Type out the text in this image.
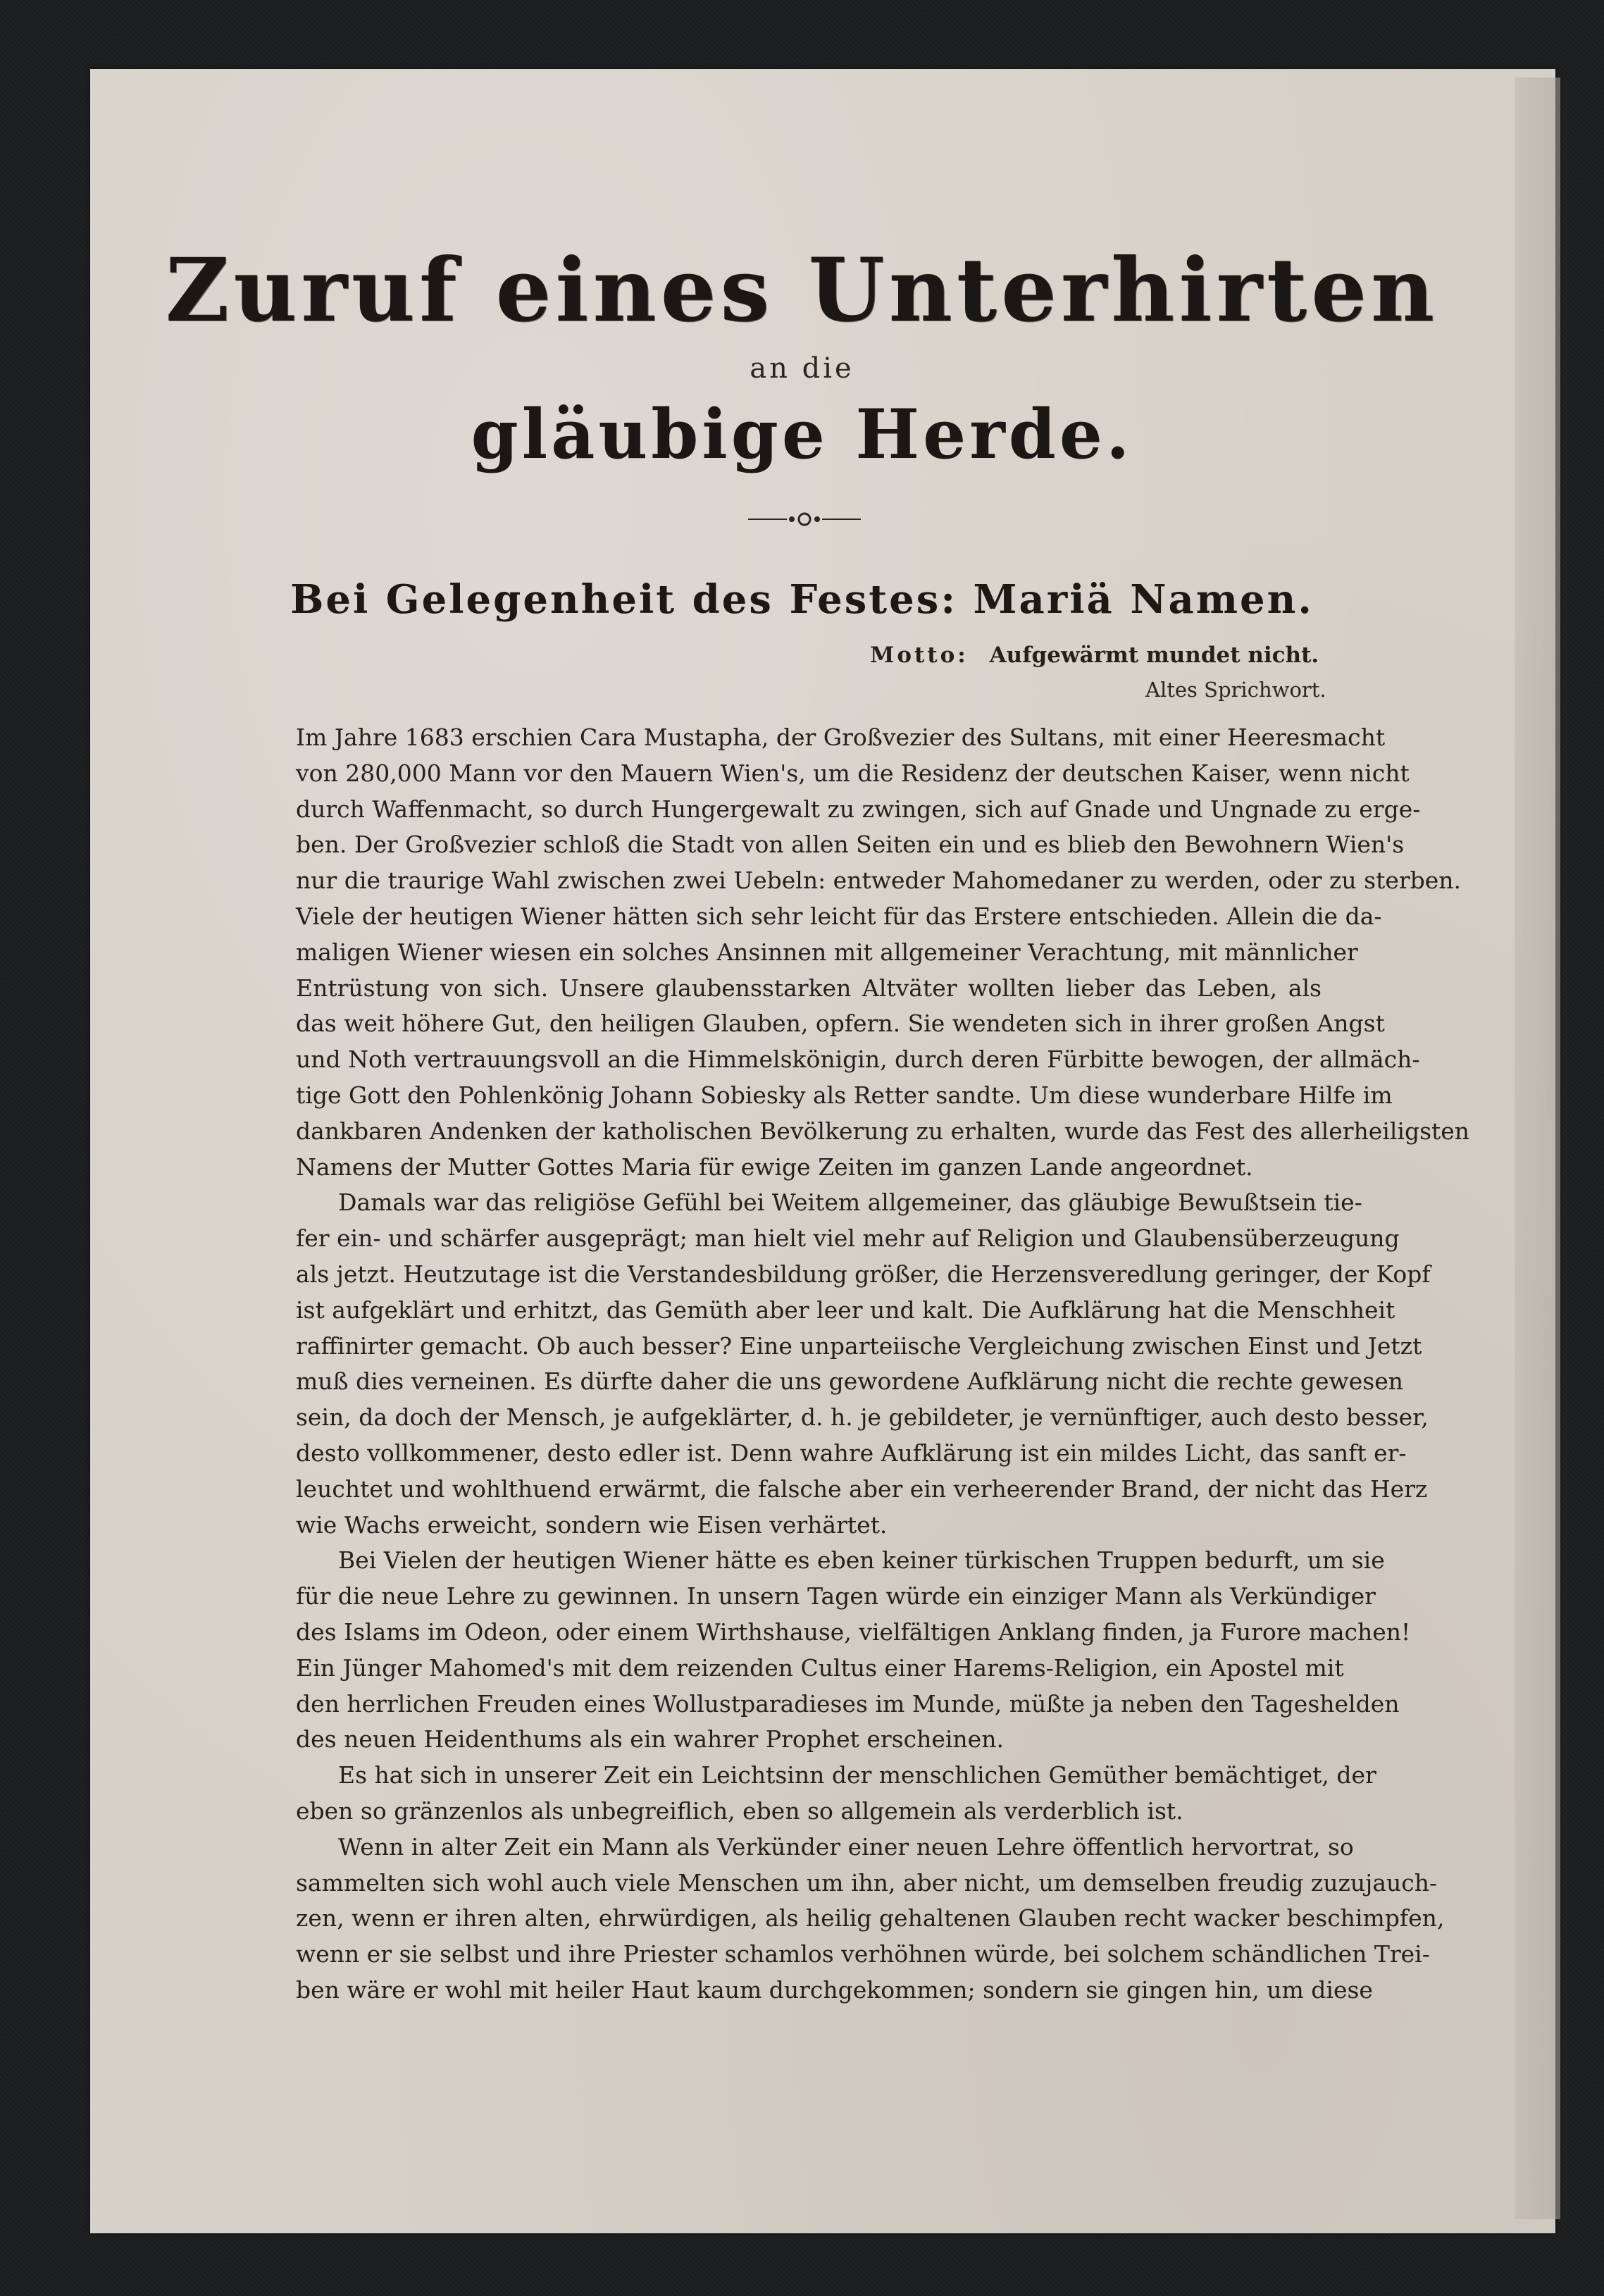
Zuruf eines Unterhirten
an die
gläubige Herde.
Bei Gelegenheit des Festes: Mariä Namen.
Motto: Aufgewärmt mundet nicht.
Altes Sprichwort.
Im Jahre 1683 erschien Cara Mustapha, der Großvezier des Sultans, mit einer Heeresmacht
von 280,000 Mann vor den Mauern Wien's, um die Residenz der deutschen Kaiser, wenn nicht
durch Waffenmacht, so durch Hungergewalt zu zwingen, sich auf Gnade und Ungnade zu erge-
ben. Der Großvezier schloß die Stadt von allen Seiten ein und es blieb den Bewohnern Wien's
nur die traurige Wahl zwischen zwei Uebeln: entweder Mahomedaner zu werden, oder zu sterben.
Viele der heutigen Wiener hätten sich sehr leicht für das Erstere entschieden. Allein die da-
maligen Wiener wiesen ein solches Ansinnen mit allgemeiner Verachtung, mit männlicher
Entrüstung von sich. Unsere glaubensstarken Altväter wollten lieber das Leben, als
das weit höhere Gut, den heiligen Glauben, opfern. Sie wendeten sich in ihrer großen Angst
und Noth vertrauungsvoll an die Himmelskönigin, durch deren Fürbitte bewogen, der allmäch-
tige Gott den Pohlenkönig Johann Sobiesky als Retter sandte. Um diese wunderbare Hilfe im
dankbaren Andenken der katholischen Bevölkerung zu erhalten, wurde das Fest des allerheiligsten
Namens der Mutter Gottes Maria für ewige Zeiten im ganzen Lande angeordnet.
Damals war das religiöse Gefühl bei Weitem allgemeiner, das gläubige Bewußtsein tie-
fer ein- und schärfer ausgeprägt; man hielt viel mehr auf Religion und Glaubensüberzeugung
als jetzt. Heutzutage ist die Verstandesbildung größer, die Herzensveredlung geringer, der Kopf
ist aufgeklärt und erhitzt, das Gemüth aber leer und kalt. Die Aufklärung hat die Menschheit
raffinirter gemacht. Ob auch besser? Eine unparteiische Vergleichung zwischen Einst und Jetzt
muß dies verneinen. Es dürfte daher die uns gewordene Aufklärung nicht die rechte gewesen
sein, da doch der Mensch, je aufgeklärter, d. h. je gebildeter, je vernünftiger, auch desto besser,
desto vollkommener, desto edler ist. Denn wahre Aufklärung ist ein mildes Licht, das sanft er-
leuchtet und wohlthuend erwärmt, die falsche aber ein verheerender Brand, der nicht das Herz
wie Wachs erweicht, sondern wie Eisen verhärtet.
Bei Vielen der heutigen Wiener hätte es eben keiner türkischen Truppen bedurft, um sie
für die neue Lehre zu gewinnen. In unsern Tagen würde ein einziger Mann als Verkündiger
des Islams im Odeon, oder einem Wirthshause, vielfältigen Anklang finden, ja Furore machen!
Ein Jünger Mahomed's mit dem reizenden Cultus einer Harems-Religion, ein Apostel mit
den herrlichen Freuden eines Wollustparadieses im Munde, müßte ja neben den Tageshelden
des neuen Heidenthums als ein wahrer Prophet erscheinen.
Es hat sich in unserer Zeit ein Leichtsinn der menschlichen Gemüther bemächtiget, der
eben so gränzenlos als unbegreiflich, eben so allgemein als verderblich ist.
Wenn in alter Zeit ein Mann als Verkünder einer neuen Lehre öffentlich hervortrat, so
sammelten sich wohl auch viele Menschen um ihn, aber nicht, um demselben freudig zuzujauch-
zen, wenn er ihren alten, ehrwürdigen, als heilig gehaltenen Glauben recht wacker beschimpfen,
wenn er sie selbst und ihre Priester schamlos verhöhnen würde, bei solchem schändlichen Trei-
ben wäre er wohl mit heiler Haut kaum durchgekommen; sondern sie gingen hin, um diese
